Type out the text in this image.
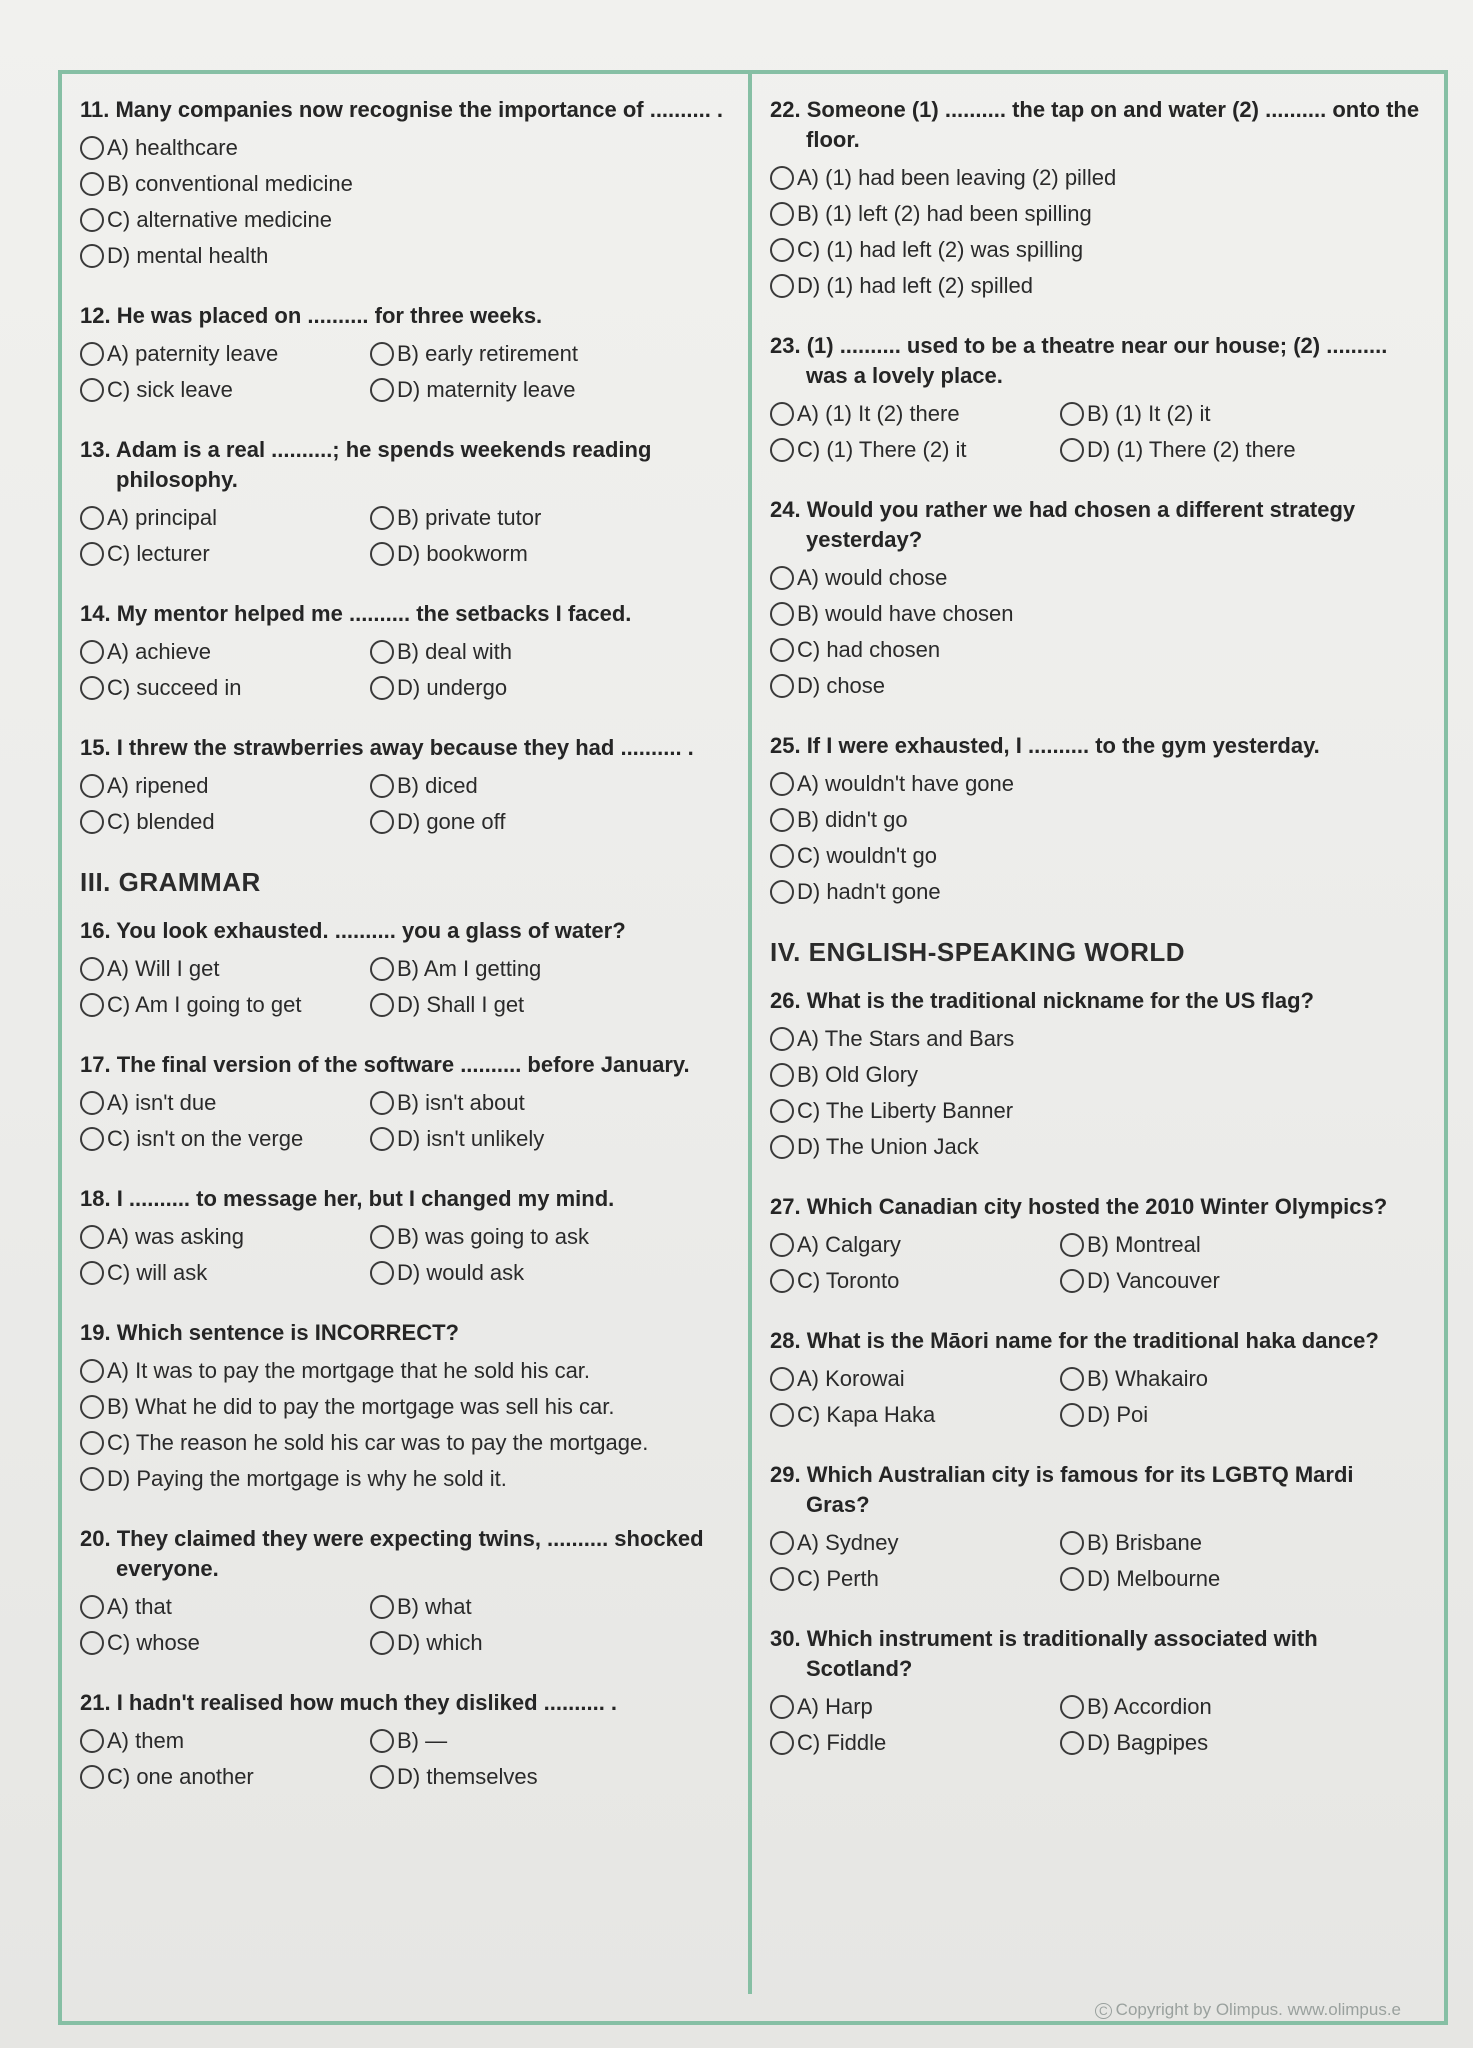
11. Many companies now recognise the importance of .......... .
A) healthcare
B) conventional medicine
C) alternative medicine
D) mental health
12. He was placed on .......... for three weeks.
A) paternity leave	B) early retirement
C) sick leave	D) maternity leave
13. Adam is a real ..........; he spends weekends reading philosophy.
A) principal	B) private tutor
C) lecturer	D) bookworm
14. My mentor helped me .......... the setbacks I faced.
A) achieve	B) deal with
C) succeed in	D) undergo
15. I threw the strawberries away because they had .......... .
A) ripened	B) diced
C) blended	D) gone off
III. GRAMMAR
16. You look exhausted. .......... you a glass of water?
A) Will I get	B) Am I getting
C) Am I going to get	D) Shall I get
17. The final version of the software .......... before January.
A) isn't due	B) isn't about
C) isn't on the verge	D) isn't unlikely
18. I .......... to message her, but I changed my mind.
A) was asking	B) was going to ask
C) will ask	D) would ask
19. Which sentence is INCORRECT?
A) It was to pay the mortgage that he sold his car.
B) What he did to pay the mortgage was sell his car.
C) The reason he sold his car was to pay the mortgage.
D) Paying the mortgage is why he sold it.
20. They claimed they were expecting twins, .......... shocked everyone.
A) that	B) what
C) whose	D) which
21. I hadn't realised how much they disliked .......... .
A) them	B) —
C) one another	D) themselves
22. Someone (1) .......... the tap on and water (2) .......... onto the floor.
A) (1) had been leaving (2) pilled
B) (1) left (2) had been spilling
C) (1) had left (2) was spilling
D) (1) had left (2) spilled
23. (1) .......... used to be a theatre near our house; (2) .......... was a lovely place.
A) (1) It (2) there	B) (1) It (2) it
C) (1) There (2) it	D) (1) There (2) there
24. Would you rather we had chosen a different strategy yesterday?
A) would chose
B) would have chosen
C) had chosen
D) chose
25. If I were exhausted, I .......... to the gym yesterday.
A) wouldn't have gone
B) didn't go
C) wouldn't go
D) hadn't gone
IV. ENGLISH-SPEAKING WORLD
26. What is the traditional nickname for the US flag?
A) The Stars and Bars
B) Old Glory
C) The Liberty Banner
D) The Union Jack
27. Which Canadian city hosted the 2010 Winter Olympics?
A) Calgary	B) Montreal
C) Toronto	D) Vancouver
28. What is the Māori name for the traditional haka dance?
A) Korowai	B) Whakairo
C) Kapa Haka	D) Poi
29. Which Australian city is famous for its LGBTQ Mardi Gras?
A) Sydney	B) Brisbane
C) Perth	D) Melbourne
30. Which instrument is traditionally associated with Scotland?
A) Harp	B) Accordion
C) Fiddle	D) Bagpipes
C Copyright by Olimpus. www.olimpus.e
